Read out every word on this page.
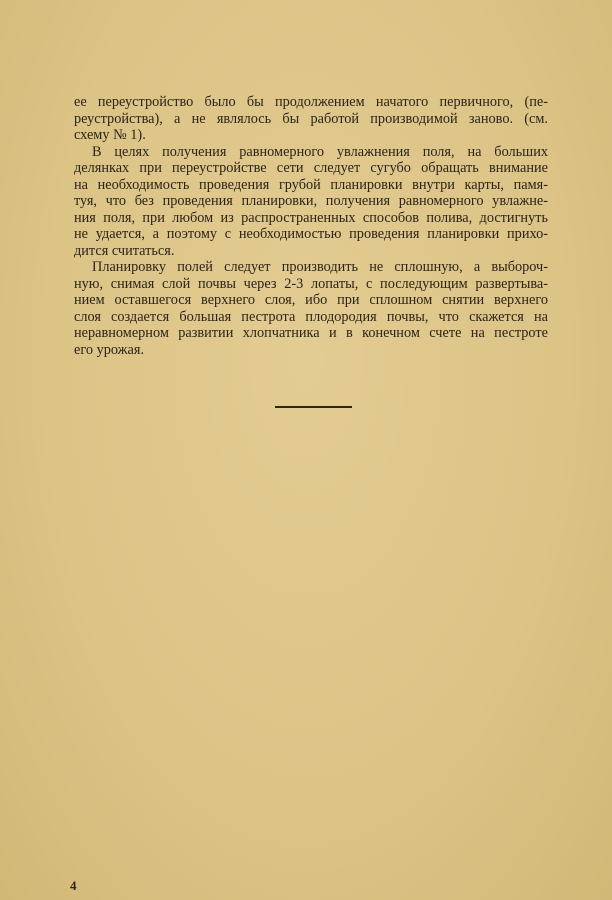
ее переустройство было бы продолжением начатого первичного, (пе-
реустройства), а не являлось бы работой производимой заново. (см.
схему № 1).
В целях получения равномерного увлажнения поля, на больших
делянках при переустройстве сети следует сугубо обращать внимание
на необходимость проведения грубой планировки внутри карты, памя-
туя, что без проведения планировки, получения равномерного увлажне-
ния поля, при любом из распространенных способов полива, достигнуть
не удается, а поэтому с необходимостью проведения планировки прихо-
дится считаться.
Планировку полей следует производить не сплошную, а выбороч-
ную, снимая слой почвы через 2-3 лопаты, с последующим развертыва-
нием оставшегося верхнего слоя, ибо при сплошном снятии верхнего
слоя создается большая пестрота плодородия почвы, что скажется на
неравномерном развитии хлопчатника и в конечном счете на пестроте
его урожая.
4
